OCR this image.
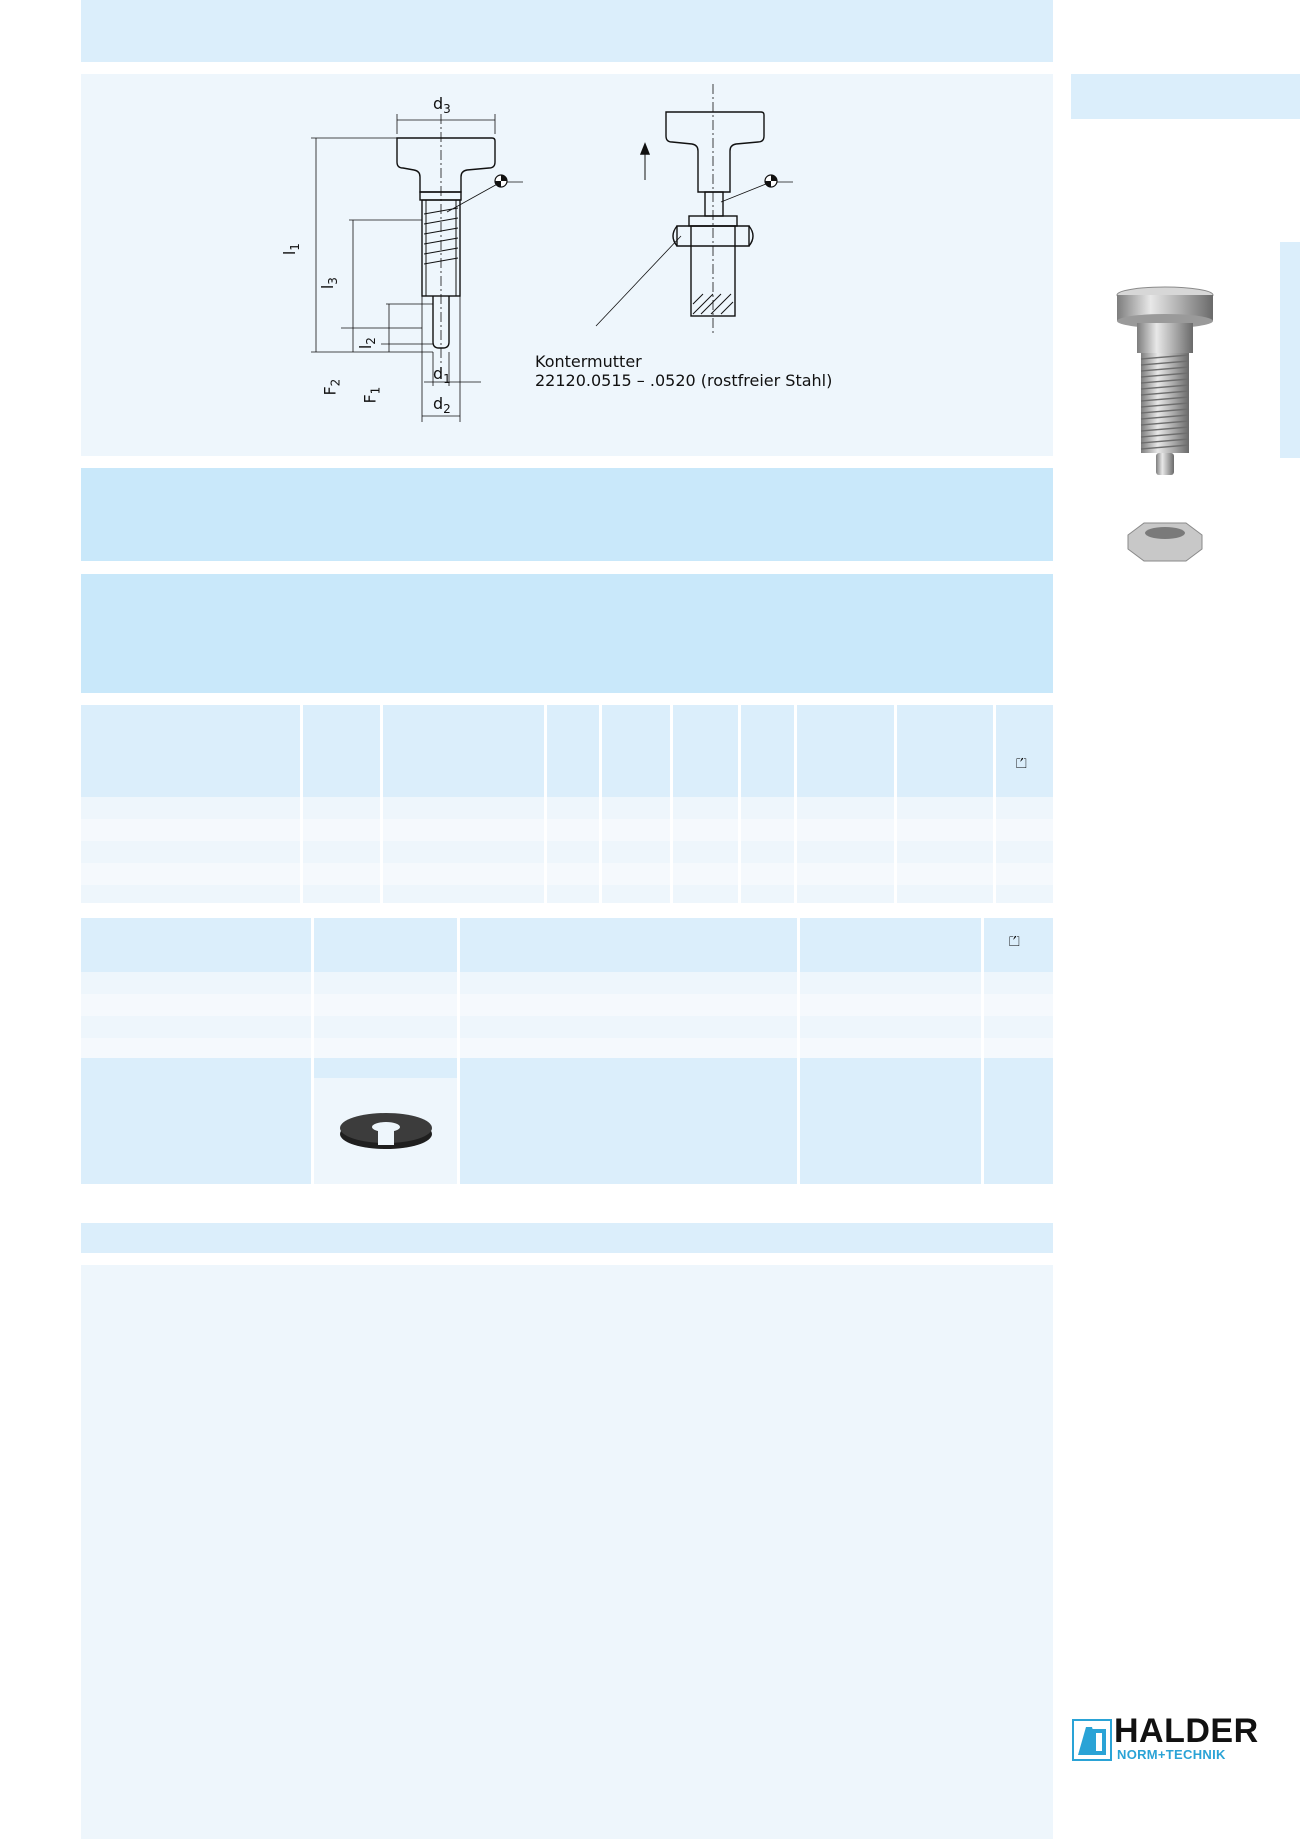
$d_3$
$l_1$
$l_3$
$l_2$
$F_2$
$F_1$
$d_1$
$d_2$
Kontermutter
22120.0515 – .0520 (rostfreier Stahl)
⏍
⏍
HALDER
NORM+TECHNIK
